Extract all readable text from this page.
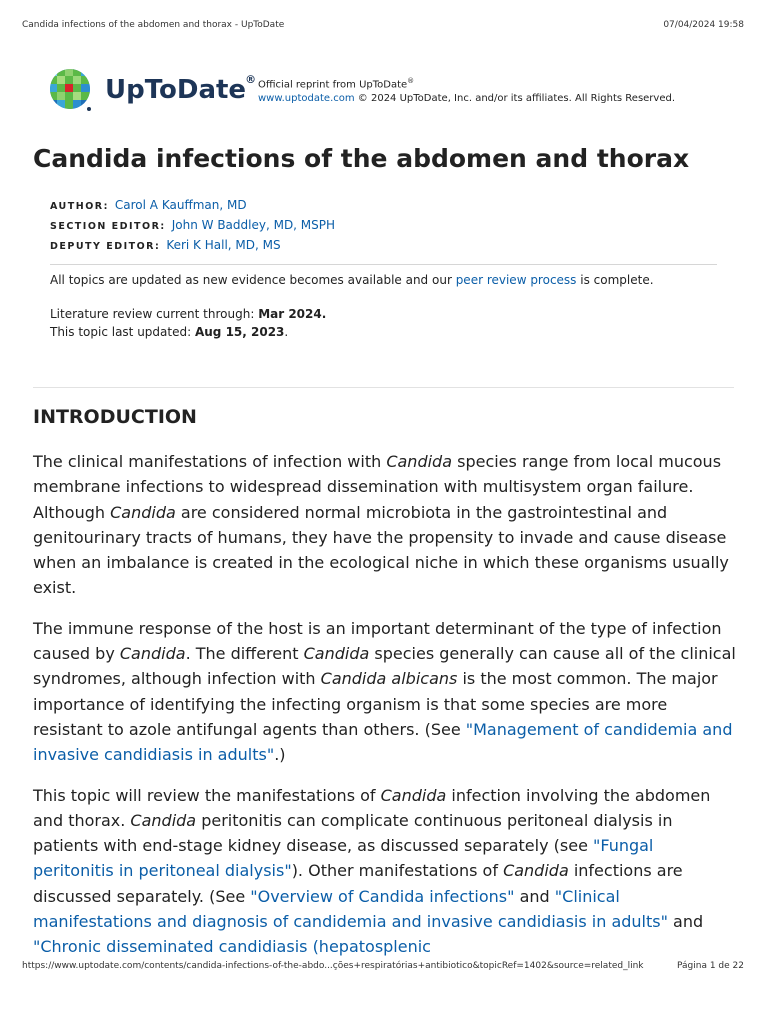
Candida infections of the abdomen and thorax - UpToDate	07/04/2024 19:58
UpToDate ® Official reprint from UpToDate®
www.uptodate.com © 2024 UpToDate, Inc. and/or its affiliates. All Rights Reserved.
Candida infections of the abdomen and thorax
AUTHOR: Carol A Kauffman, MD
SECTION EDITOR: John W Baddley, MD, MSPH
DEPUTY EDITOR: Keri K Hall, MD, MS
All topics are updated as new evidence becomes available and our peer review process is complete.
Literature review current through: Mar 2024.
This topic last updated: Aug 15, 2023.
INTRODUCTION

The clinical manifestations of infection with Candida species range from local mucous membrane infections to widespread dissemination with multisystem organ failure. Although Candida are considered normal microbiota in the gastrointestinal and genitourinary tracts of humans, they have the propensity to invade and cause disease when an imbalance is created in the ecological niche in which these organisms usually exist.

The immune response of the host is an important determinant of the type of infection caused by Candida. The different Candida species generally can cause all of the clinical syndromes, although infection with Candida albicans is the most common. The major importance of identifying the infecting organism is that some species are more resistant to azole antifungal agents than others. (See "Management of candidemia and invasive candidiasis in adults".)

This topic will review the manifestations of Candida infection involving the abdomen and thorax. Candida peritonitis can complicate continuous peritoneal dialysis in patients with end-stage kidney disease, as discussed separately (see "Fungal peritonitis in peritoneal dialysis"). Other manifestations of Candida infections are discussed separately. (See "Overview of Candida infections" and "Clinical manifestations and diagnosis of candidemia and invasive candidiasis in adults" and "Chronic disseminated candidiasis (hepatosplenic

https://www.uptodate.com/contents/candida-infections-of-the-abdo...ções+respiratórias+antibiotico&topicRef=1402&source=related_link	Página 1 de 22
